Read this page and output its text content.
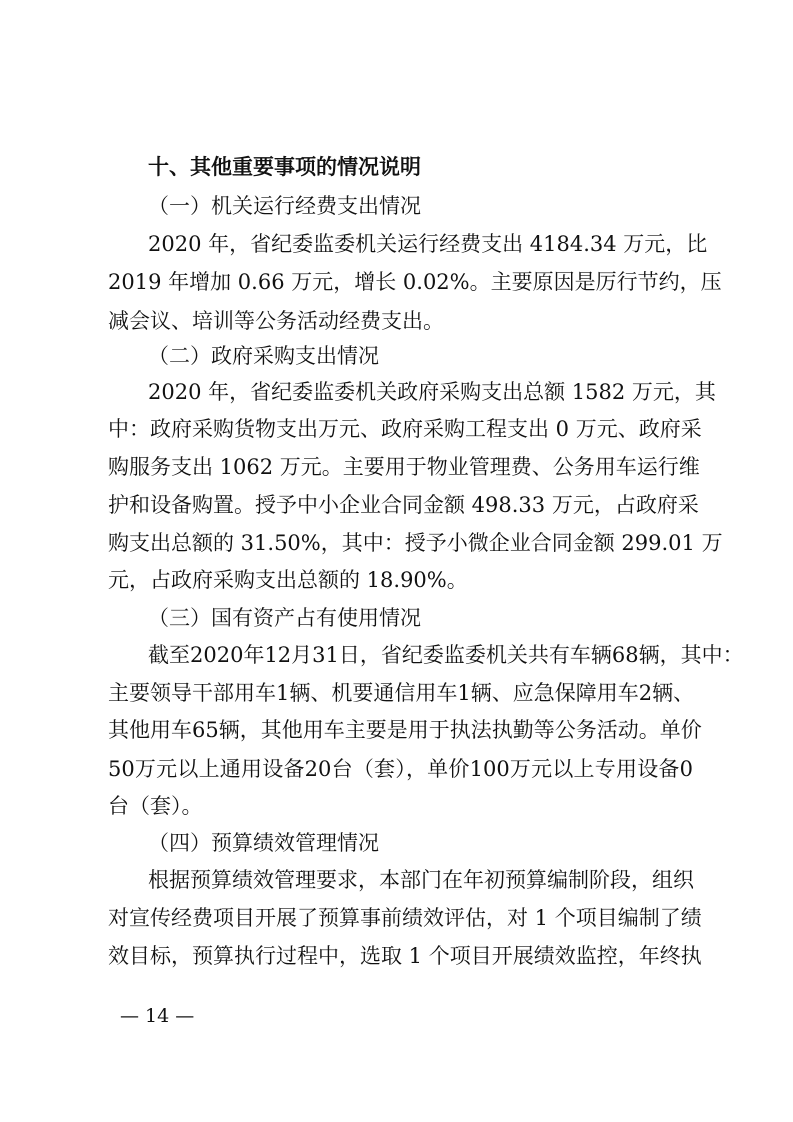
十、其他重要事项的情况说明

（一）机关运行经费支出情况

2020 年，省纪委监委机关运行经费支出 4184.34 万元，比

2019 年增加 0.66 万元，增长 0.02%。主要原因是厉行节约，压

减会议、培训等公务活动经费支出。

（二）政府采购支出情况

2020 年，省纪委监委机关政府采购支出总额 1582 万元，其

中：政府采购货物支出万元、政府采购工程支出 0 万元、政府采

购服务支出 1062 万元。主要用于物业管理费、公务用车运行维

护和设备购置。授予中小企业合同金额 498.33 万元，占政府采

购支出总额的 31.50%，其中：授予小微企业合同金额 299.01 万

元，占政府采购支出总额的 18.90%。

（三）国有资产占有使用情况

截至2020年12月31日，省纪委监委机关共有车辆68辆，其中：

主要领导干部用车1辆、机要通信用车1辆、应急保障用车2辆、

其他用车65辆，其他用车主要是用于执法执勤等公务活动。单价

50万元以上通用设备20台（套），单价100万元以上专用设备0

台（套）。

（四）预算绩效管理情况

根据预算绩效管理要求，本部门在年初预算编制阶段，组织

对宣传经费项目开展了预算事前绩效评估，对 1 个项目编制了绩

效目标，预算执行过程中，选取 1 个项目开展绩效监控，年终执

— 14 —
